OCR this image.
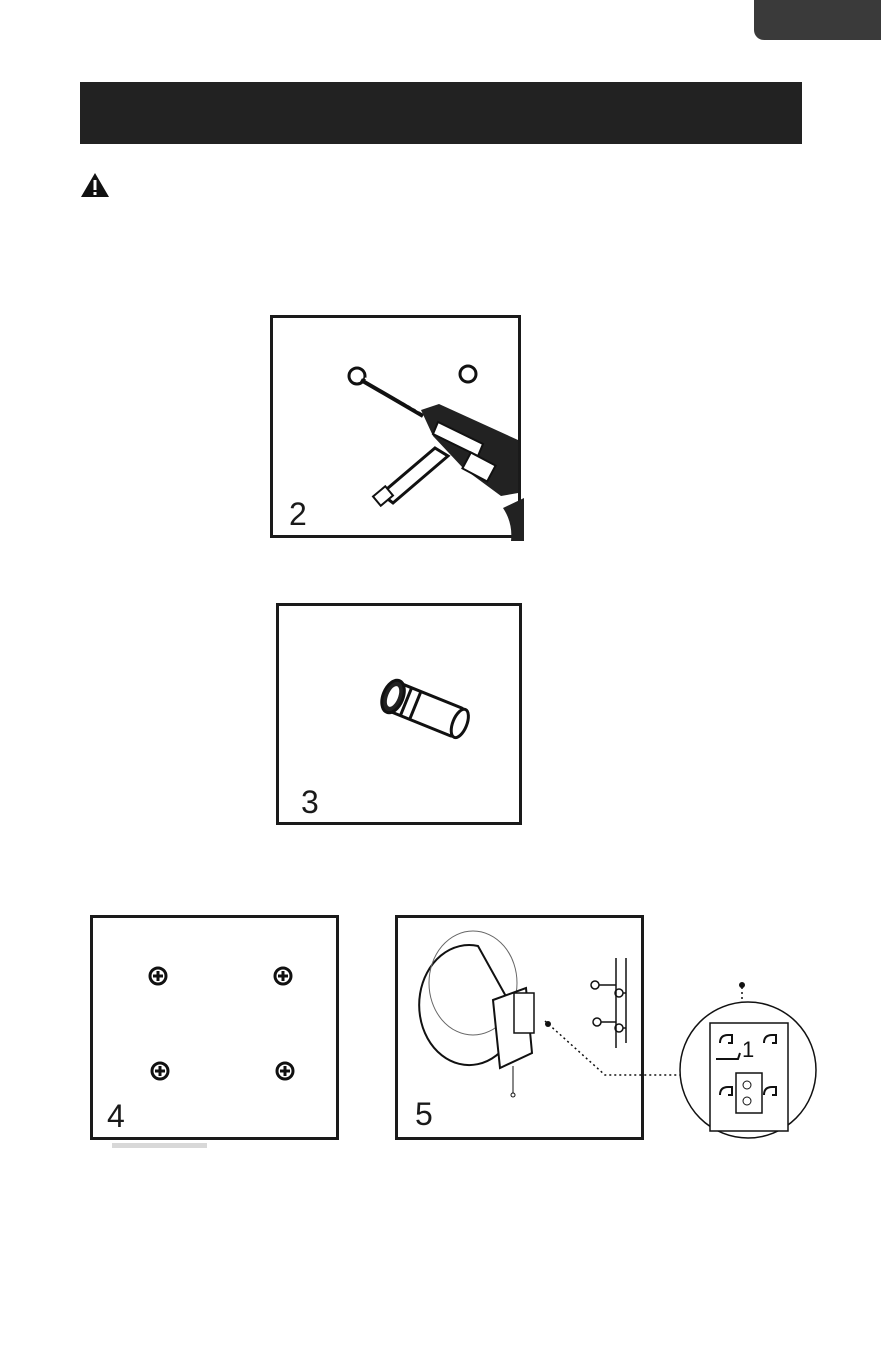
2
3
4	5
1
